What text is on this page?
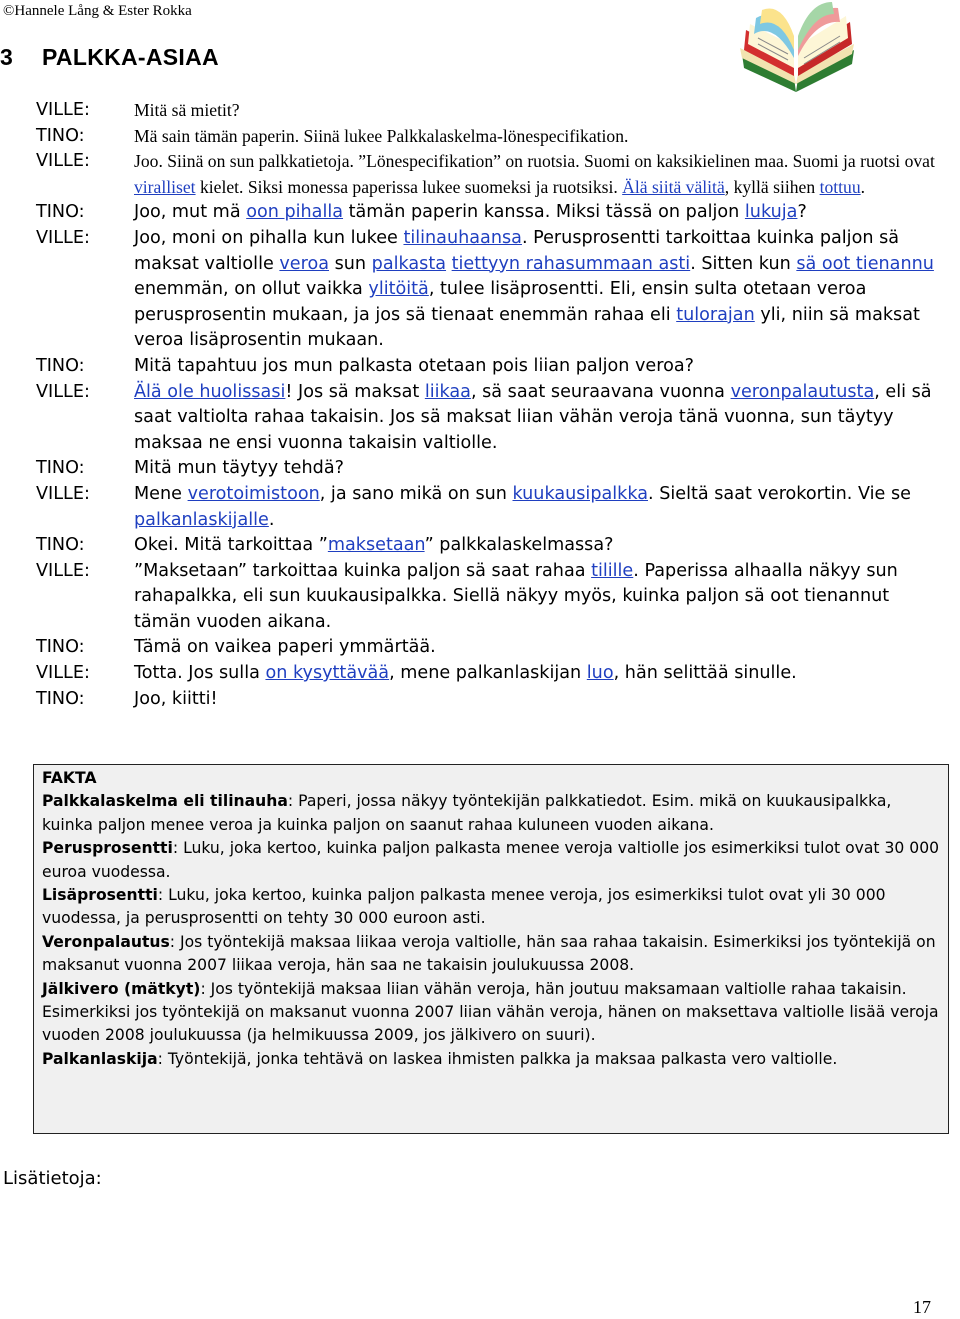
©Hannele Lång & Ester Rokka
3 PALKKA-ASIAA
VILLE:	Mitä sä mietit?
TINO:	Mä sain tämän paperin. Siinä lukee Palkkalaskelma-lönespecifikation.
VILLE:	Joo. Siinä on sun palkkatietoja. ”Lönespecifikation” on ruotsia. Suomi on kaksikielinen maa. Suomi ja ruotsi ovat viralliset kielet. Siksi monessa paperissa lukee suomeksi ja ruotsiksi. Älä siitä välitä, kyllä siihen tottuu.
TINO:	Joo, mut mä oon pihalla tämän paperin kanssa. Miksi tässä on paljon lukuja?
VILLE:	Joo, moni on pihalla kun lukee tilinauhaansa. Perusprosentti tarkoittaa kuinka paljon sä maksat valtiolle veroa sun palkasta tiettyyn rahasummaan asti. Sitten kun sä oot tienannu enemmän, on ollut vaikka ylitöitä, tulee lisäprosentti. Eli, ensin sulta otetaan veroa perusprosentin mukaan, ja jos sä tienaat enemmän rahaa eli tulorajan yli, niin sä maksat veroa lisäprosentin mukaan.
TINO:	Mitä tapahtuu jos mun palkasta otetaan pois liian paljon veroa?
VILLE:	Älä ole huolissasi! Jos sä maksat liikaa, sä saat seuraavana vuonna veronpalautusta, eli sä saat valtiolta rahaa takaisin. Jos sä maksat liian vähän veroja tänä vuonna, sun täytyy maksaa ne ensi vuonna takaisin valtiolle.
TINO:	Mitä mun täytyy tehdä?
VILLE:	Mene verotoimistoon, ja sano mikä on sun kuukausipalkka. Sieltä saat verokortin. Vie se palkanlaskijalle.
TINO:	Okei. Mitä tarkoittaa ”maksetaan” palkkalaskelmassa?
VILLE:	”Maksetaan” tarkoittaa kuinka paljon sä saat rahaa tilille. Paperissa alhaalla näkyy sun rahapalkka, eli sun kuukausipalkka. Siellä näkyy myös, kuinka paljon sä oot tienannut tämän vuoden aikana.
TINO:	Tämä on vaikea paperi ymmärtää.
VILLE:	Totta. Jos sulla on kysyttävää, mene palkanlaskijan luo, hän selittää sinulle.
TINO:	Joo, kiitti!
FAKTA
Palkkalaskelma eli tilinauha: Paperi, jossa näkyy työntekijän palkkatiedot. Esim. mikä on kuukausipalkka, kuinka paljon menee veroa ja kuinka paljon on saanut rahaa kuluneen vuoden aikana.
Perusprosentti: Luku, joka kertoo, kuinka paljon palkasta menee veroja valtiolle jos esimerkiksi tulot ovat 30 000 euroa vuodessa.
Lisäprosentti: Luku, joka kertoo, kuinka paljon palkasta menee veroja, jos esimerkiksi tulot ovat yli 30 000 vuodessa, ja perusprosentti on tehty 30 000 euroon asti.
Veronpalautus: Jos työntekijä maksaa liikaa veroja valtiolle, hän saa rahaa takaisin. Esimerkiksi jos työntekijä on maksanut vuonna 2007 liikaa veroja, hän saa ne takaisin joulukuussa 2008.
Jälkivero (mätkyt): Jos työntekijä maksaa liian vähän veroja, hän joutuu maksamaan valtiolle rahaa takaisin. Esimerkiksi jos työntekijä on maksanut vuonna 2007 liian vähän veroja, hänen on maksettava valtiolle lisää veroja vuoden 2008 joulukuussa (ja helmikuussa 2009, jos jälkivero on suuri).
Palkanlaskija: Työntekijä, jonka tehtävä on laskea ihmisten palkka ja maksaa palkasta vero valtiolle.
Lisätietoja:
17
